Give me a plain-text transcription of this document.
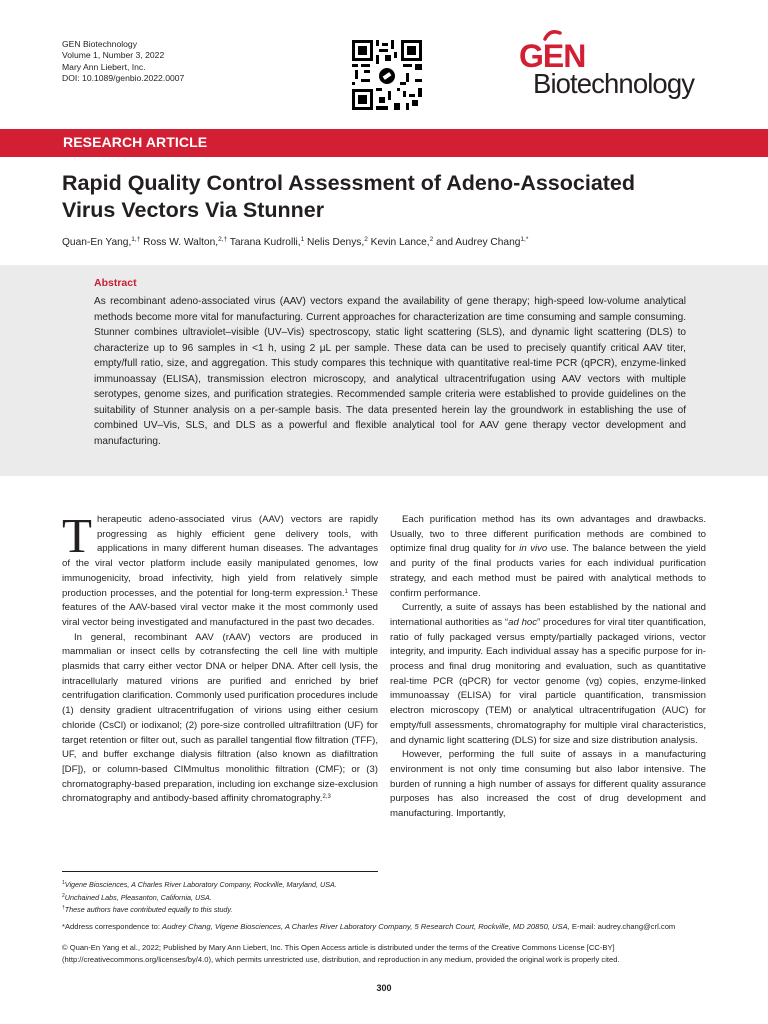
GEN Biotechnology
Volume 1, Number 3, 2022
Mary Ann Liebert, Inc.
DOI: 10.1089/genbio.2022.0007
GEN
Biotechnology
RESEARCH ARTICLE
Rapid Quality Control Assessment of Adeno-Associated
Virus Vectors Via Stunner
Quan-En Yang,$^{1,\dagger}$ Ross W. Walton,$^{2,\dagger}$ Tarana Kudrolli,$^1$ Nelis Denys,$^2$ Kevin Lance,$^2$ and Audrey Chang$^{1,*}$
Abstract
As recombinant adeno-associated virus (AAV) vectors expand the availability of gene therapy; high-speed low-volume analytical methods become more vital for manufacturing. Current approaches for characterization are time consuming and sample consuming. Stunner combines ultraviolet–visible (UV–Vis) spectroscopy, static light scattering (SLS), and dynamic light scattering (DLS) to characterize up to 96 samples in <1 h, using 2 μL per sample. These data can be used to precisely quantify critical AAV titer, empty/full ratio, size, and aggregation. This study compares this technique with quantitative real-time PCR (qPCR), enzyme-linked immunoassay (ELISA), transmission electron microscopy, and analytical ultracentrifugation using AAV vectors with multiple serotypes, genome sizes, and purification strategies. Recommended sample criteria were established to provide guidelines on the suitability of Stunner analysis on a per-sample basis. The data presented herein lay the groundwork in establishing the use of combined UV–Vis, SLS, and DLS as a powerful and flexible analytical tool for AAV gene therapy vector development and manufacturing.

Therapeutic adeno-associated virus (AAV) vectors are rapidly progressing as highly efficient gene delivery tools, with applications in many different human diseases. The advantages of the viral vector platform include easily manipulated genomes, low immunogenicity, broad infectivity, high yield from relatively simple production processes, and the potential for long-term expression.$^1$ These features of the AAV-based viral vector make it the most commonly used viral vector being investigated and manufactured in the past two decades.

In general, recombinant AAV (rAAV) vectors are produced in mammalian or insect cells by cotransfecting the cell line with multiple plasmids that carry either vector DNA or helper DNA. After cell lysis, the intracellularly matured virions are purified and enriched by brief centrifugation clarification. Commonly used purification procedures include (1) density gradient ultracentrifugation of virions using either cesium chloride (CsCl) or iodixanol; (2) pore-size controlled ultrafiltration (UF) for target retention or filter out, such as parallel tangential flow filtration (TFF), UF, and buffer exchange dialysis filtration (also known as diafiltration [DF]), or column-based CIMmultus monolithic filtration (CMF); or (3) chromatography-based preparation, including ion exchange size-exclusion chromatography and antibody-based affinity chromatography.$^{2,3}$

Each purification method has its own advantages and drawbacks. Usually, two to three different purification methods are combined to optimize final drug quality for in vivo use. The balance between the yield and purity of the final products varies for each individual purification strategy, and each method must be paired with analytical methods to confirm performance.

Currently, a suite of assays has been established by the national and international authorities as “ad hoc” procedures for viral titer quantification, ratio of fully packaged versus empty/partially packaged virions, vector integrity, and impurity. Each individual assay has a specific purpose for in-process and final drug monitoring and evaluation, such as quantitative real-time PCR (qPCR) for vector genome (vg) copies, enzyme-linked immunoassay (ELISA) for viral particle quantification, transmission electron microscopy (TEM) or analytical ultracentrifugation (AUC) for empty/full assessments, chromatography for multiple viral characteristics, and dynamic light scattering (DLS) for size and size distribution analysis.

However, performing the full suite of assays in a manufacturing environment is not only time consuming but also labor intensive. The burden of running a high number of assays for different quality assurance purposes has also increased the cost of drug development and manufacturing. Importantly,

$^1$Vigene Biosciences, A Charles River Laboratory Company, Rockville, Maryland, USA.
$^2$Unchained Labs, Pleasanton, California, USA.
†These authors have contributed equally to this study.
*Address correspondence to: Audrey Chang, Vigene Biosciences, A Charles River Laboratory Company, 5 Research Court, Rockville, MD 20850, USA, E-mail: audrey.chang@crl.com
© Quan-En Yang et al., 2022; Published by Mary Ann Liebert, Inc. This Open Access article is distributed under the terms of the Creative Commons License [CC-BY] (http://creativecommons.org/licenses/by/4.0), which permits unrestricted use, distribution, and reproduction in any medium, provided the original work is properly cited.
300
